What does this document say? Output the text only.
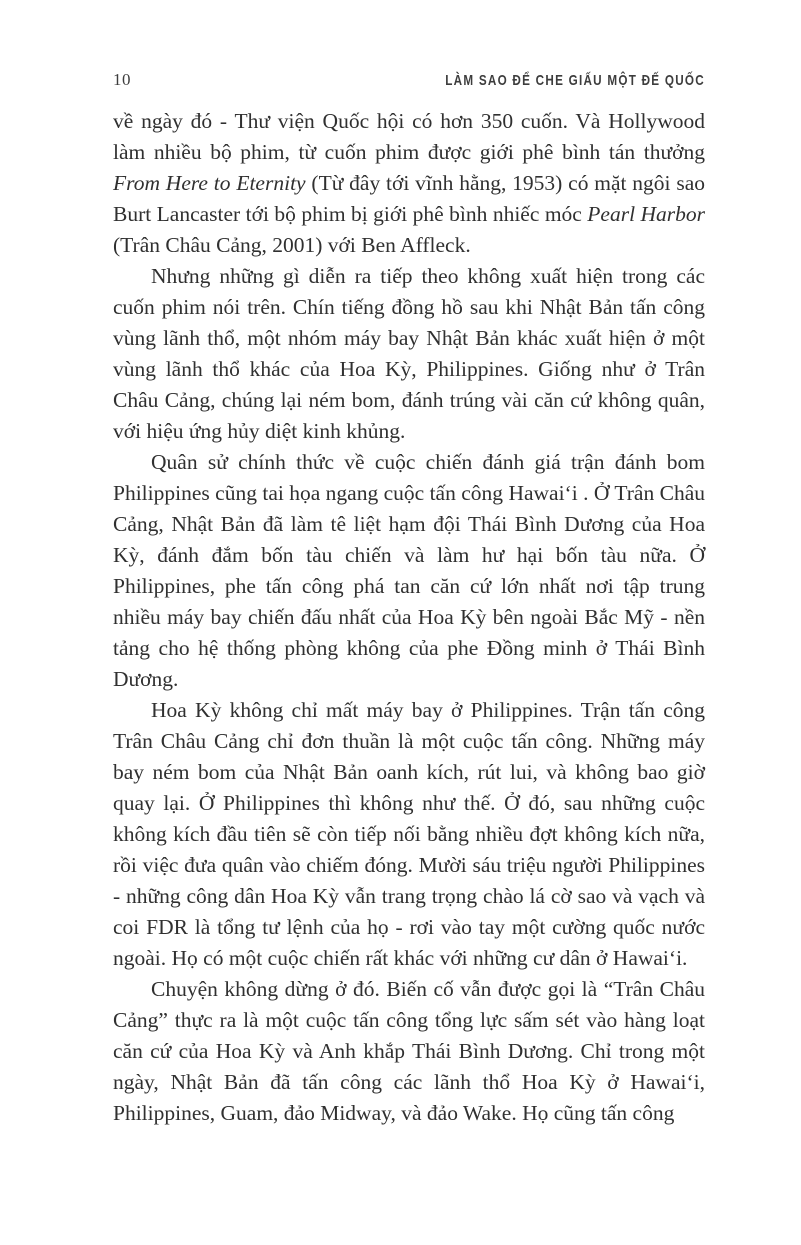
10	LÀM SAO ĐỂ CHE GIẤU MỘT ĐẾ QUỐC

về ngày đó - Thư viện Quốc hội có hơn 350 cuốn. Và Hollywood làm nhiều bộ phim, từ cuốn phim được giới phê bình tán thưởng From Here to Eternity (Từ đây tới vĩnh hằng, 1953) có mặt ngôi sao Burt Lancaster tới bộ phim bị giới phê bình nhiếc móc Pearl Harbor (Trân Châu Cảng, 2001) với Ben Affleck.

Nhưng những gì diễn ra tiếp theo không xuất hiện trong các cuốn phim nói trên. Chín tiếng đồng hồ sau khi Nhật Bản tấn công vùng lãnh thổ, một nhóm máy bay Nhật Bản khác xuất hiện ở một vùng lãnh thổ khác của Hoa Kỳ, Philippines. Giống như ở Trân Châu Cảng, chúng lại ném bom, đánh trúng vài căn cứ không quân, với hiệu ứng hủy diệt kinh khủng.

Quân sử chính thức về cuộc chiến đánh giá trận đánh bom Philippines cũng tai họa ngang cuộc tấn công Hawaiʻi . Ở Trân Châu Cảng, Nhật Bản đã làm tê liệt hạm đội Thái Bình Dương của Hoa Kỳ, đánh đắm bốn tàu chiến và làm hư hại bốn tàu nữa. Ở Philippines, phe tấn công phá tan căn cứ lớn nhất nơi tập trung nhiều máy bay chiến đấu nhất của Hoa Kỳ bên ngoài Bắc Mỹ - nền tảng cho hệ thống phòng không của phe Đồng minh ở Thái Bình Dương.

Hoa Kỳ không chỉ mất máy bay ở Philippines. Trận tấn công Trân Châu Cảng chỉ đơn thuần là một cuộc tấn công. Những máy bay ném bom của Nhật Bản oanh kích, rút lui, và không bao giờ quay lại. Ở Philippines thì không như thế. Ở đó, sau những cuộc không kích đầu tiên sẽ còn tiếp nối bằng nhiều đợt không kích nữa, rồi việc đưa quân vào chiếm đóng. Mười sáu triệu người Philippines - những công dân Hoa Kỳ vẫn trang trọng chào lá cờ sao và vạch và coi FDR là tổng tư lệnh của họ - rơi vào tay một cường quốc nước ngoài. Họ có một cuộc chiến rất khác với những cư dân ở Hawaiʻi.

Chuyện không dừng ở đó. Biến cố vẫn được gọi là “Trân Châu Cảng” thực ra là một cuộc tấn công tổng lực sấm sét vào hàng loạt căn cứ của Hoa Kỳ và Anh khắp Thái Bình Dương. Chỉ trong một ngày, Nhật Bản đã tấn công các lãnh thổ Hoa Kỳ ở Hawaiʻi, Philippines, Guam, đảo Midway, và đảo Wake. Họ cũng tấn công
